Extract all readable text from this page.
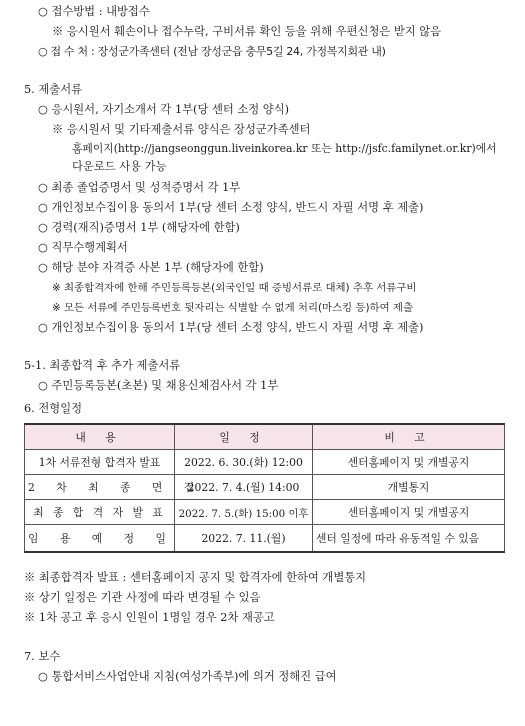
○ 접수방법 : 내방접수
※ 응시원서 훼손이나 접수누락, 구비서류 확인 등을 위해 우편신청은 받지 않음
○ 접 수 처 : 장성군가족센터 (전남 장성군읍 충무5길 24, 가정복지회관 내)
5. 제출서류
○ 응시원서, 자기소개서 각 1부(당 센터 소정 양식)
※ 응시원서 및 기타제출서류 양식은 장성군가족센터
홈페이지(http://jangseonggun.liveinkorea.kr 또는 http://jsfc.familynet.or.kr)에서
다운로드 사용 가능
○ 최종 졸업증명서 및 성적증명서 각 1부
○ 개인정보수집이용 동의서 1부(당 센터 소정 양식, 반드시 자필 서명 후 제출)
○ 경력(재직)증명서 1부 (해당자에 한함)
○ 직무수행계획서
○ 해당 분야 자격증 사본 1부 (해당자에 한함)
※ 최종합격자에 한해 주민등록등본(외국인일 때 증빙서류로 대체) 추후 서류구비
※ 모든 서류에 주민등록번호 뒷자리는 식별할 수 없게 처리(마스킹 등)하여 제출
○ 개인정보수집이용 동의서 1부(당 센터 소정 양식, 반드시 자필 서명 후 제출)
5-1. 최종합격 후 추가 제출서류
○ 주민등록등본(초본) 및 채용신체검사서 각 1부
6. 전형일정
내 용	일 정	비 고
1차 서류전형 합격자 발표	2022. 6. 30.(화) 12:00	센터홈페이지 및 개별공지
2 차 최 종 면 접	2022. 7. 4.(월) 14:00	개별통지
최 종 합 격 자 발 표	2022. 7. 5.(화) 15:00 이후	센터홈페이지 및 개별공지
임 용 예 정 일	2022. 7. 11.(월)	센터 일정에 따라 유동적일 수 있음
※ 최종합격자 발표 : 센터홈페이지 공지 및 합격자에 한하여 개별통지
※ 상기 일정은 기관 사정에 따라 변경될 수 있음
※ 1차 공고 후 응시 인원이 1명일 경우 2차 재공고
7. 보수
○ 통합서비스사업안내 지침(여성가족부)에 의거 정해진 급여
